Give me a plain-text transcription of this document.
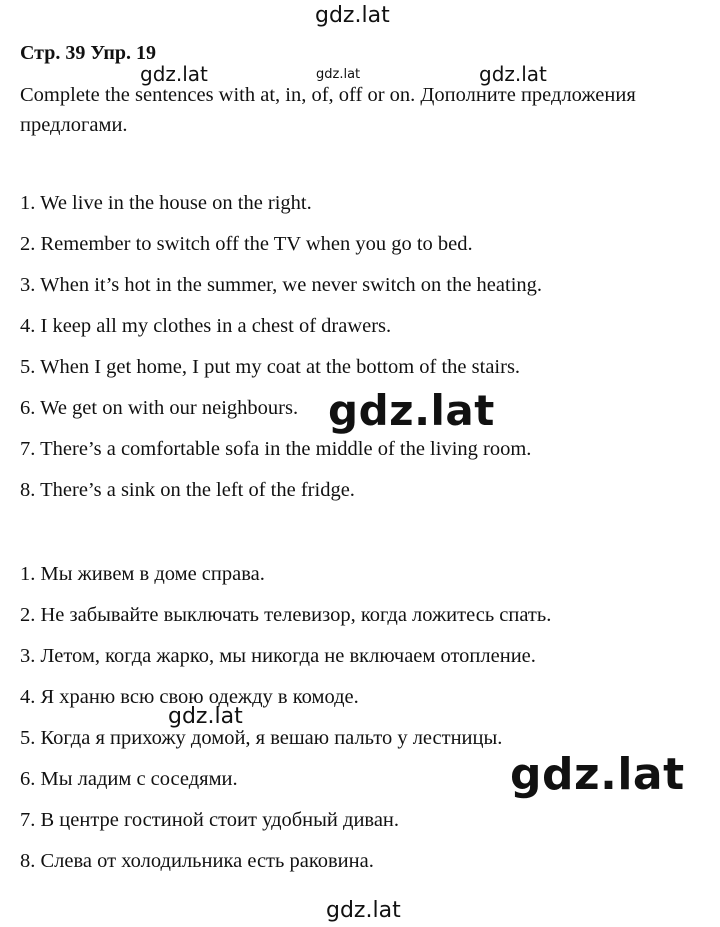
Стр. 39 Упр. 19
Complete the sentences with at, in, of, off or on. Дополните предложения предлогами.
1. We live in the house on the right.
2. Remember to switch off the TV when you go to bed.
3. When it’s hot in the summer, we never switch on the heating.
4. I keep all my clothes in a chest of drawers.
5. When I get home, I put my coat at the bottom of the stairs.
6. We get on with our neighbours.
7. There’s a comfortable sofa in the middle of the living room.
8. There’s a sink on the left of the fridge.
1. Мы живем в доме справа.
2. Не забывайте выключать телевизор, когда ложитесь спать.
3. Летом, когда жарко, мы никогда не включаем отопление.
4. Я храню всю свою одежду в комоде.
5. Когда я прихожу домой, я вешаю пальто у лестницы.
6. Мы ладим с соседями.
7. В центре гостиной стоит удобный диван.
8. Слева от холодильника есть раковина.
gdz.lat
gdz.lat	gdz.lat	gdz.lat
gdz.lat
gdz.lat
gdz.lat
gdz.lat
